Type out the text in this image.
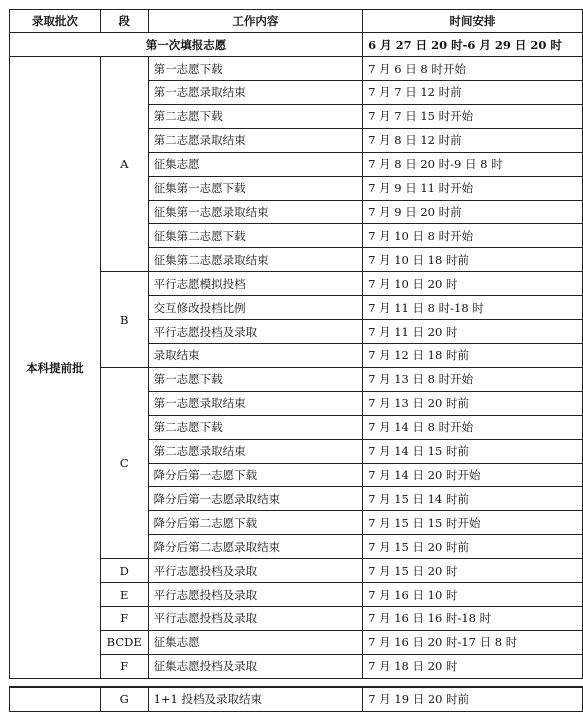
录取批次	段	工作内容	时间安排
第一次填报志愿			6 月 27 日 20 时-6 月 29 日 20 时
本科提前批	A	第一志愿下载	7 月 6 日 8 时开始
		第一志愿录取结束	7 月 7 日 12 时前
		第二志愿下载	7 月 7 日 15 时开始
		第二志愿录取结束	7 月 8 日 12 时前
		征集志愿	7 月 8 日 20 时-9 日 8 时
		征集第一志愿下载	7 月 9 日 11 时开始
		征集第一志愿录取结束	7 月 9 日 20 时前
		征集第二志愿下载	7 月 10 日 8 时开始
		征集第二志愿录取结束	7 月 10 日 18 时前
	B	平行志愿模拟投档	7 月 10 日 20 时
		交互修改投档比例	7 月 11 日 8 时-18 时
		平行志愿投档及录取	7 月 11 日 20 时
		录取结束	7 月 12 日 18 时前
	C	第一志愿下载	7 月 13 日 8 时开始
		第一志愿录取结束	7 月 13 日 20 时前
		第二志愿下载	7 月 14 日 8 时开始
		第二志愿录取结束	7 月 14 日 15 时前
		降分后第一志愿下载	7 月 14 日 20 时开始
		降分后第一志愿录取结束	7 月 15 日 14 时前
		降分后第二志愿下载	7 月 15 日 15 时开始
		降分后第二志愿录取结束	7 月 15 日 20 时前
	D	平行志愿投档及录取	7 月 15 日 20 时
	E	平行志愿投档及录取	7 月 16 日 10 时
	F	平行志愿投档及录取	7 月 16 日 16 时-18 时
	BCDE	征集志愿	7 月 16 日 20 时-17 日 8 时
	F	征集志愿投档及录取	7 月 18 日 20 时
	G	1+1 投档及录取结束	7 月 19 日 20 时前
